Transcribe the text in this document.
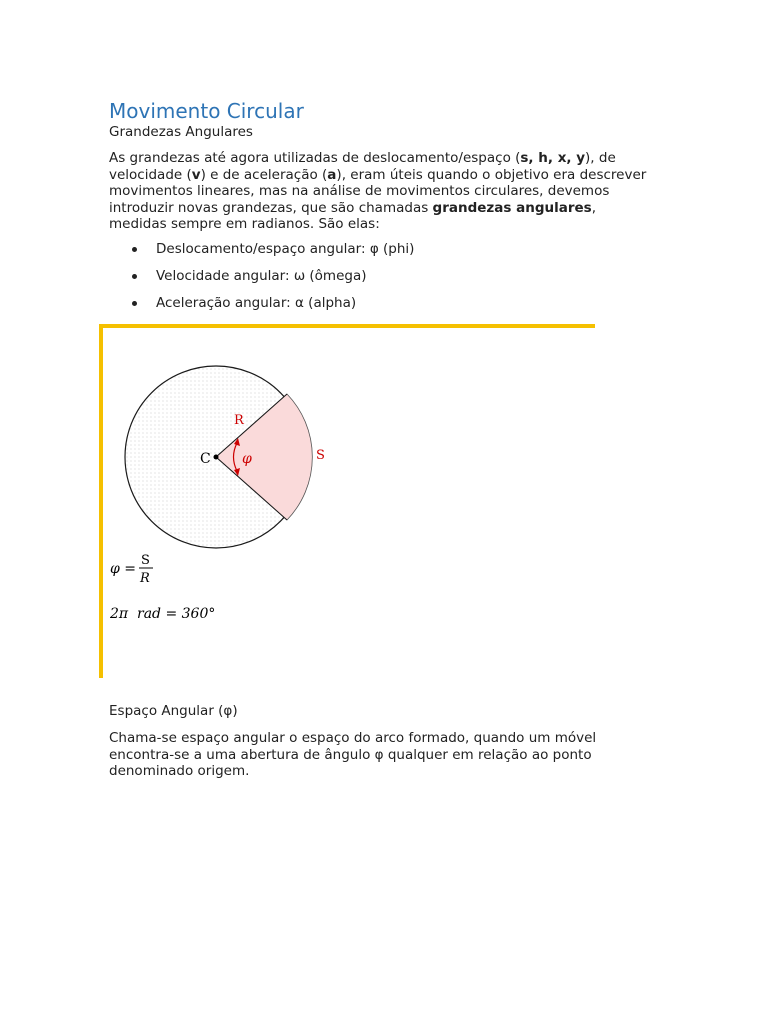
Movimento Circular
Grandezas Angulares

As grandezas até agora utilizadas de deslocamento/espaço (s, h, x, y), de velocidade (v) e de aceleração (a), eram úteis quando o objetivo era descrever movimentos lineares, mas na análise de movimentos circulares, devemos introduzir novas grandezas, que são chamadas grandezas angulares, medidas sempre em radianos. São elas:

Deslocamento/espaço angular: φ (phi)
Velocidade angular: ω (ômega)
Aceleração angular: α (alpha)
C
R
S
φ
φ =
S
R
2π  rad = 360°
Espaço Angular (φ)

Chama-se espaço angular o espaço do arco formado, quando um móvel encontra-se a uma abertura de ângulo φ qualquer em relação ao ponto denominado origem.
